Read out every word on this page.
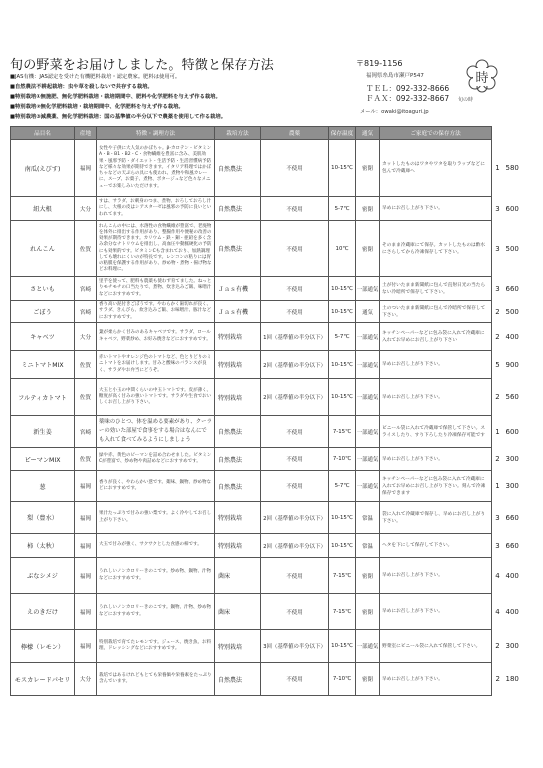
旬の野菜をお届けしました。特徴と保存方法
■JAS有機：JAS認定を受けた有機肥料栽培・認定農家。肥料は使用可。
■自然農法不耕起栽培：虫や草を殺しないで共存する栽培。
■特別栽培①無施肥、無化学肥料栽培・栽培期間中、肥料や化学肥料を与えず作る栽培。
■特別栽培②無化学肥料栽培・栽培期間中、化学肥料を与えず作る栽培。
■特別栽培③減農薬、無化学肥料栽培：国の基準値の半分以下で農薬を使用して作る栽培。
〒819-1156
福岡県糸島市瀬戸P547
ＴＥＬ：092-332-8666
ＦＡＸ：092-332-8667
メール：owaki@itoaguri.jp
時
旬の時
品目名	産地	特徴・調理方法	栽培方法	農薬	保存温度	通気	ご家庭での保存方法		
南瓜(えびす)	福岡	女性や子供に大人気のかぼちゃ。β-カロテン・ビタミンA・B・B1・B2・C・食物繊維を豊富に含み、美肌効果・風邪予防・ダイエット・生活予防・生活習慣病予防など様々な効果が期待できます。イタリア料理ではかぼちゃなどの天ぷらの具にも使われ、煮物や和風カレーに、スープ、お菓子、煮物、ポタージュなど色々なメニューでお楽しみいただけます。	自然農法	不使用	10-15℃	密閉	カットしたものはワタやワタを取りラップなどに包んで冷蔵庫へ	1	580
紐大根	大分	すは、サラダ、お刺身のつま、煮物、おろしておろし汁にし、大根の皮はシアスターゼは風邪の予防に良いといわれてます。	自然農法	不使用	5-7℃	密閉	早めにお召し上がり下さい。	3	600
れんこん	佐賀	れんこんの中には、水溶性の食物繊維が豊富で、老廃物を体外に排出する作用があり、整腸作用や便秘の改善の効果が期待できます。カリウム・鉄・銅・亜鉛を多く含み余分なナトリウムを排出し、高血圧や動脈硬化の予防にも効果的です。ビタミンCも含まれており、加熱調理しても壊れにくいのが特長です。レンコンの粘りには胃の粘膜を保護する作用があり、炒め物・煮物・揚げ物などお料理に。	自然農法	不使用	10℃	密閉	そのまま冷蔵庫にて保存。カットしたものは酢水にさらしてから冷凍保存して下さい。	3	500
さといも	宮崎	里芋を使って、肥料も農薬も使わず育てました。ねっとりモチモチの口当たりで、煮物、炊き込みご飯、味噌汁などにおすすめです。	Ｊａｓ有機	不使用	10-15℃	一部通気	土が付いたまま新聞紙に包んで直射日光の当たらない冷暗所で保存して下さい。	3	660
ごぼう	宮崎	香り高い泥付きごぼうです。やわらかく歯切れが良く、サラダ、きんぴら、炊き込みご飯、お味噌汁、豚汁などにおすすめです。	Ｊａｓ有機	不使用	10-15℃	通気	土のついたまま新聞紙に包んで冷暗所で保存して下さい。	2	500
キャベツ	大分	葉が柔らかく甘みのあるキャベツです。サラダ、ロールキャベツ、野菜炒め、お好み焼きなどにおすすめです。	特別栽培	1回（基準値の半分以下）	5-7℃	一部通気	キッチンペーパーなどに包み袋に入れて冷蔵庫に入れてお早めにお召し上がり下さい	2	400
ミニトマトMIX	佐賀	赤いトマトやオレンジ色のトマトなど、色とりどりのミニトマトをお届けします。甘みと酸味のバランスが良く、サラダやお弁当にどうぞ。	特別栽培	2回（基準値の半分以下）	10-15℃	一部通気	早めにお召し上がり下さい。	5	900
フルティカトマト	佐賀	大玉と小玉の中間くらいの中玉トマトです。皮が薄く、糖度が高く甘みの強いトマトです。サラダや生食でおいしくお召し上がり下さい。	特別栽培	2回（基準値の半分以下）	10-15℃	一部通気	早めにお召し上がり下さい。	2	560
新生姜	宮崎	薬味のひとつ、体を温める要素があり、クーラーの効いた部屋で食事をする場合はなんにでも入れて食べてみるようにしましょう	自然農法	不使用	7-15℃	一部通気	ビニール袋に入れて冷蔵庫で保管して下さい。スライスしたり、すり下ろしたり冷凍保存可能です	1	600
ピーマンMIX	佐賀	緑や赤、黄色のピーマンを詰め合わせました。ビタミンCが豊富で、炒め物や肉詰めなどにおすすめです。	自然農法	不使用	7-10℃	一部通気	早めにお召し上がり下さい。	2	300
葱	福岡	香りが良く、やわらかい葱です。薬味、鍋物、炒め物などにおすすめです。	自然農法	不使用	5-7℃	一部通気	キッチンペーパーなどに包み袋に入れて冷蔵庫に入れてお早めにお召し上がり下さい。刻んで冷凍保存できます	1	300
梨（豊水）	福岡	果汁たっぷりで甘みの強い梨です。よく冷やしてお召し上がり下さい。	特別栽培	2回（基準値の半分以下）	10-15℃	常温	袋に入れて冷蔵庫で保存し、早めにお召し上がり下さい。	3	660
柿（太秋）	福岡	大玉で甘みが強く、サクサクとした食感の柿です。	特別栽培	2回（基準値の半分以下）	10-15℃	常温	ヘタを下にして保存して下さい。	3	660
ぶなシメジ	福岡	うれしいノンカロリーきのこです。炒め物、鍋物、汁物などにおすすめです。	菌床	不使用	7-15℃	密閉	早めにお召し上がり下さい。	4	400
えのきだけ	福岡	うれしいノンカロリーきのこです。鍋物、汁物、炒め物などにおすすめです。	菌床	不使用	7-15℃	密閉	早めにお召し上がり下さい。	4	400
檸檬（レモン）	福岡	特別栽培で育てたレモンです。ジュース、焼き魚、お料理、ドレッシングなどにおすすめです。	特別栽培	3回（基準値の半分以下）	10-15℃	一部通気	野菜室にビニール袋に入れて保管して下さい。	2	300
モスカレードパセリ	大分	栽培ではあるけれどもとても栄養価や栄養素をたっぷり含んでいます。	自然農法	不使用	7-10℃	密閉	早めにお召し上がり下さい。	2	180
